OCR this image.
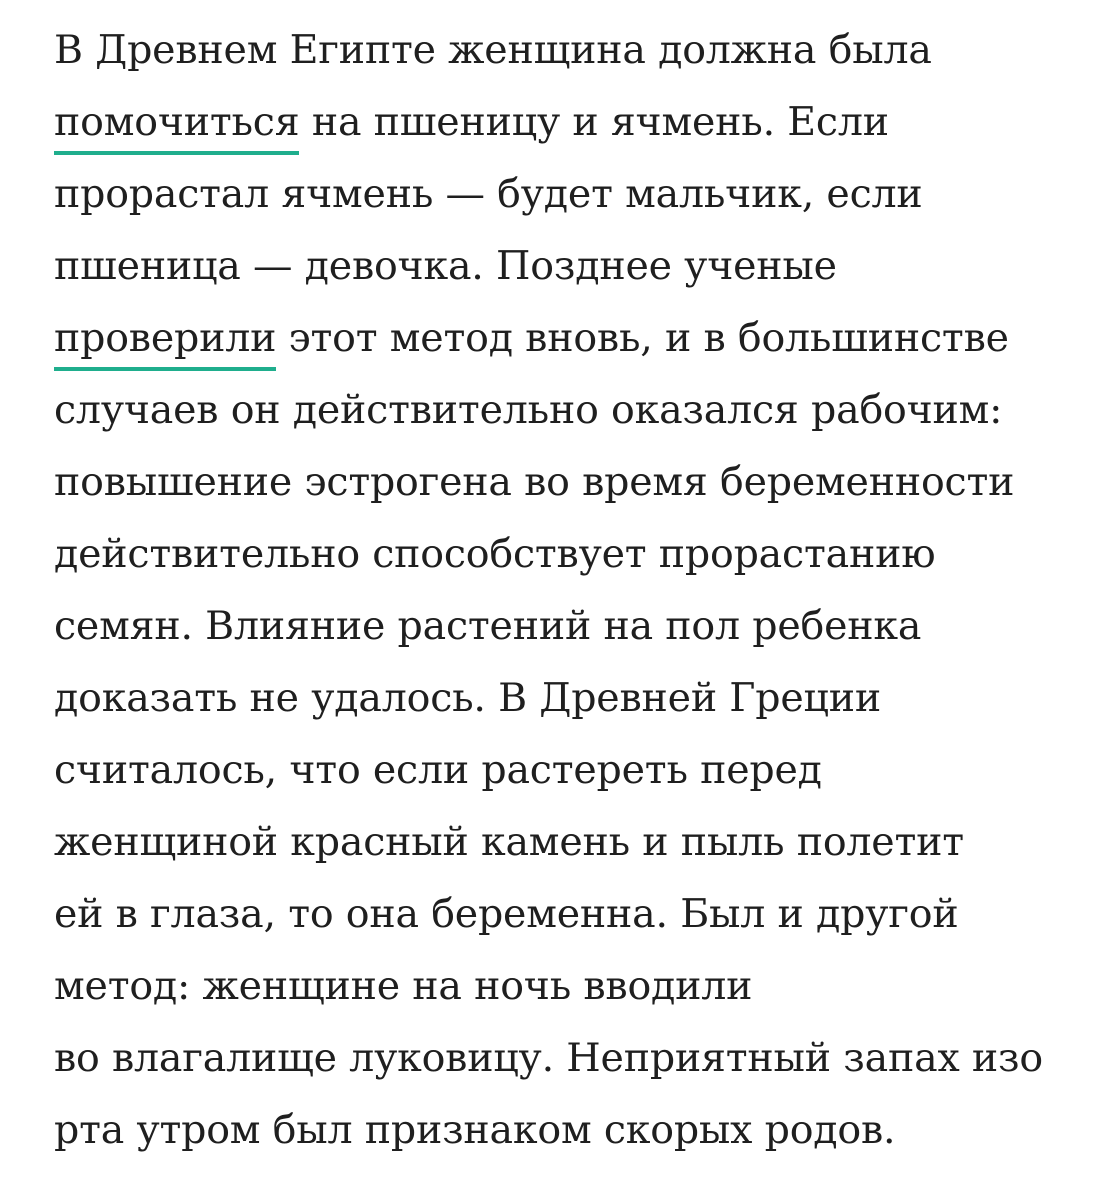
В Древнем Египте женщина должна была
помочиться на пшеницу и ячмень. Если
прорастал ячмень — будет мальчик, если
пшеница — девочка. Позднее ученые
проверили этот метод вновь, и в большинстве
случаев он действительно оказался рабочим:
повышение эстрогена во время беременности
действительно способствует прорастанию
семян. Влияние растений на пол ребенка
доказать не удалось. В Древней Греции
считалось, что если растереть перед
женщиной красный камень и пыль полетит
ей в глаза, то она беременна. Был и другой
метод: женщине на ночь вводили
во влагалище луковицу. Неприятный запах изо
рта утром был признаком скорых родов.
